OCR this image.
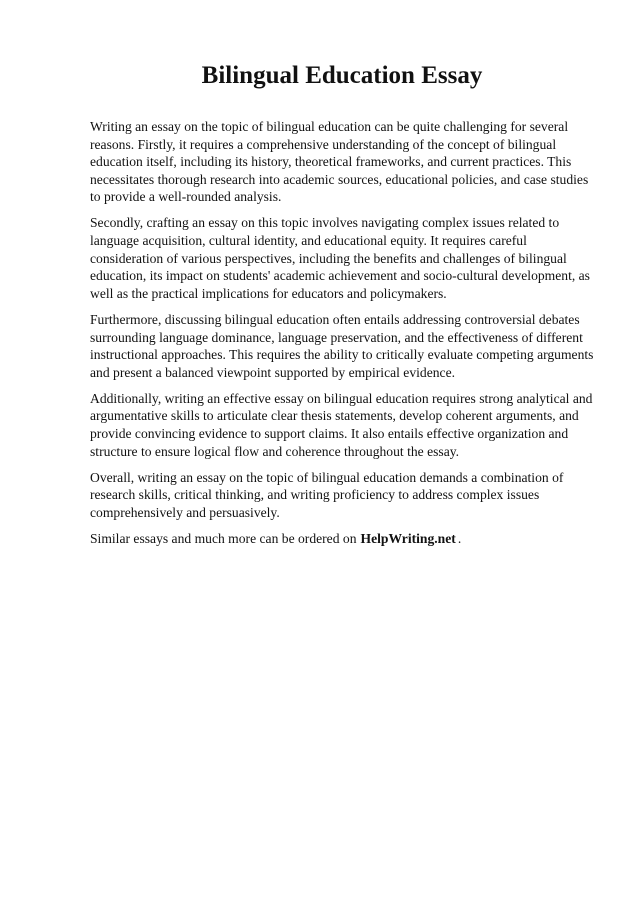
Bilingual Education Essay

Writing an essay on the topic of bilingual education can be quite challenging for several reasons. Firstly, it requires a comprehensive understanding of the concept of bilingual education itself, including its history, theoretical frameworks, and current practices. This necessitates thorough research into academic sources, educational policies, and case studies to provide a well-rounded analysis.

Secondly, crafting an essay on this topic involves navigating complex issues related to language acquisition, cultural identity, and educational equity. It requires careful consideration of various perspectives, including the benefits and challenges of bilingual education, its impact on students' academic achievement and socio-cultural development, as well as the practical implications for educators and policymakers.

Furthermore, discussing bilingual education often entails addressing controversial debates surrounding language dominance, language preservation, and the effectiveness of different instructional approaches. This requires the ability to critically evaluate competing arguments and present a balanced viewpoint supported by empirical evidence.

Additionally, writing an effective essay on bilingual education requires strong analytical and argumentative skills to articulate clear thesis statements, develop coherent arguments, and provide convincing evidence to support claims. It also entails effective organization and structure to ensure logical flow and coherence throughout the essay.

Overall, writing an essay on the topic of bilingual education demands a combination of research skills, critical thinking, and writing proficiency to address complex issues comprehensively and persuasively.

Similar essays and much more can be ordered on HelpWriting.net .
